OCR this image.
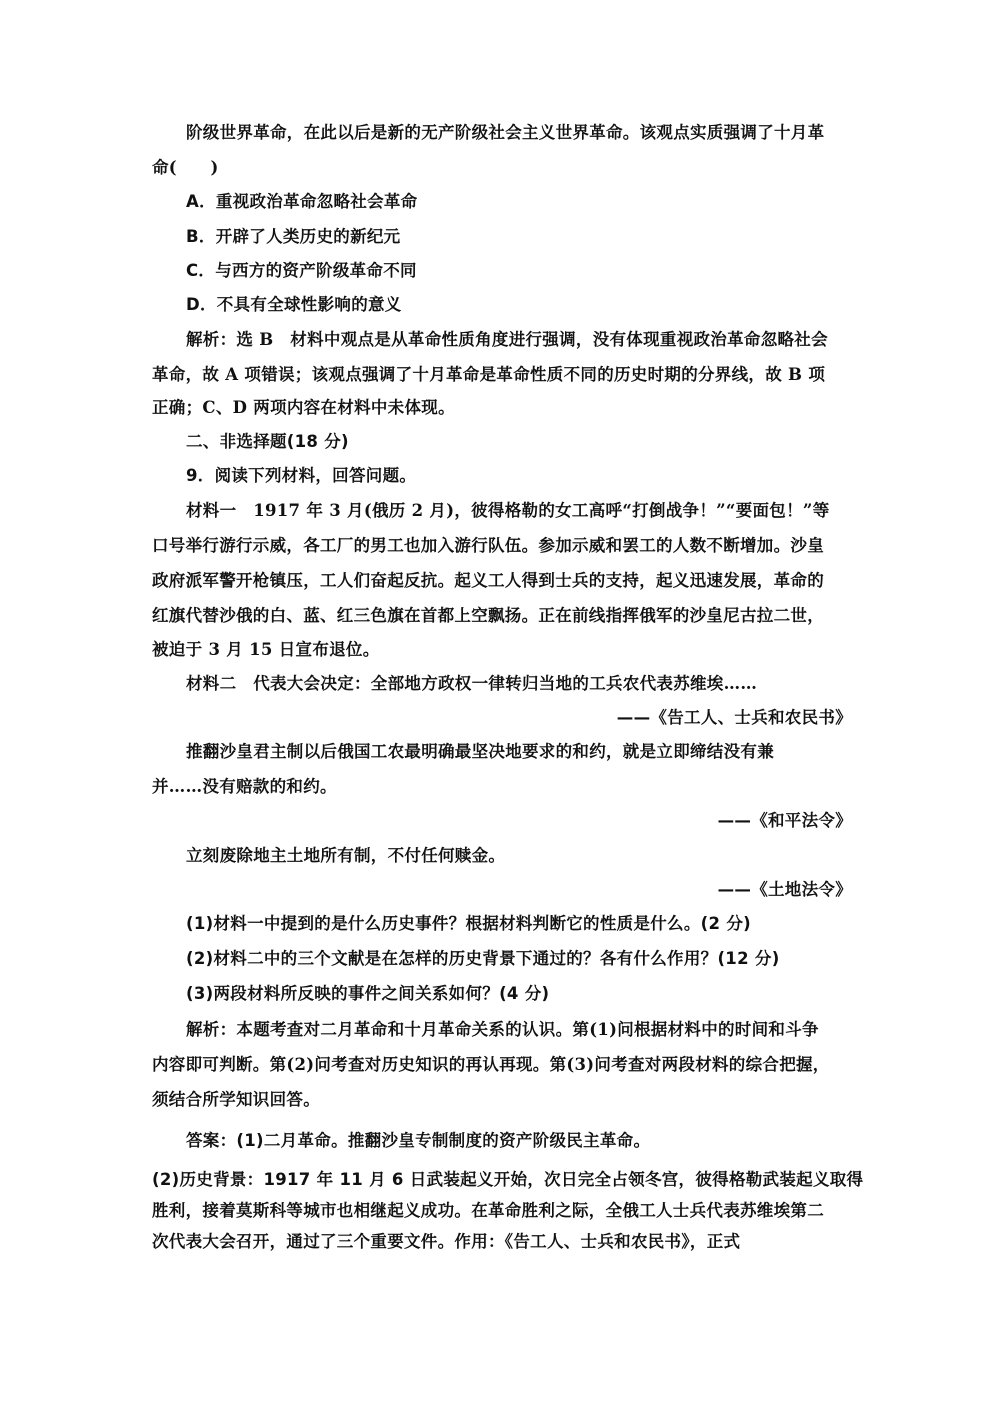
阶级世界革命，在此以后是新的无产阶级社会主义世界革命。该观点实质强调了十月革
命(　　)
A．重视政治革命忽略社会革命
B．开辟了人类历史的新纪元
C．与西方的资产阶级革命不同
D．不具有全球性影响的意义
解析：选 B　材料中观点是从革命性质角度进行强调，没有体现重视政治革命忽略社会
革命，故 A 项错误；该观点强调了十月革命是革命性质不同的历史时期的分界线，故 B 项
正确；C、D 两项内容在材料中未体现。
二、非选择题(18 分)
9．阅读下列材料，回答问题。
材料一　1917 年 3 月(俄历 2 月)，彼得格勒的女工高呼“打倒战争！”“要面包！”等
口号举行游行示威，各工厂的男工也加入游行队伍。参加示威和罢工的人数不断增加。沙皇
政府派军警开枪镇压，工人们奋起反抗。起义工人得到士兵的支持，起义迅速发展，革命的
红旗代替沙俄的白、蓝、红三色旗在首都上空飘扬。正在前线指挥俄军的沙皇尼古拉二世，
被迫于 3 月 15 日宣布退位。
材料二　代表大会决定：全部地方政权一律转归当地的工兵农代表苏维埃……
——《告工人、士兵和农民书》
推翻沙皇君主制以后俄国工农最明确最坚决地要求的和约，就是立即缔结没有兼
并……没有赔款的和约。
——《和平法令》
立刻废除地主土地所有制，不付任何赎金。
——《土地法令》
(1)材料一中提到的是什么历史事件？根据材料判断它的性质是什么。(2 分)
(2)材料二中的三个文献是在怎样的历史背景下通过的？各有什么作用？(12 分)
(3)两段材料所反映的事件之间关系如何？(4 分)
解析：本题考查对二月革命和十月革命关系的认识。第(1)问根据材料中的时间和斗争
内容即可判断。第(2)问考查对历史知识的再认再现。第(3)问考查对两段材料的综合把握，
须结合所学知识回答。
答案：(1)二月革命。推翻沙皇专制制度的资产阶级民主革命。
(2)历史背景：1917 年 11 月 6 日武装起义开始，次日完全占领冬宫，彼得格勒武装起义取得
胜利，接着莫斯科等城市也相继起义成功。在革命胜利之际，全俄工人士兵代表苏维埃第二
次代表大会召开，通过了三个重要文件。作用：《告工人、士兵和农民书》，正式
